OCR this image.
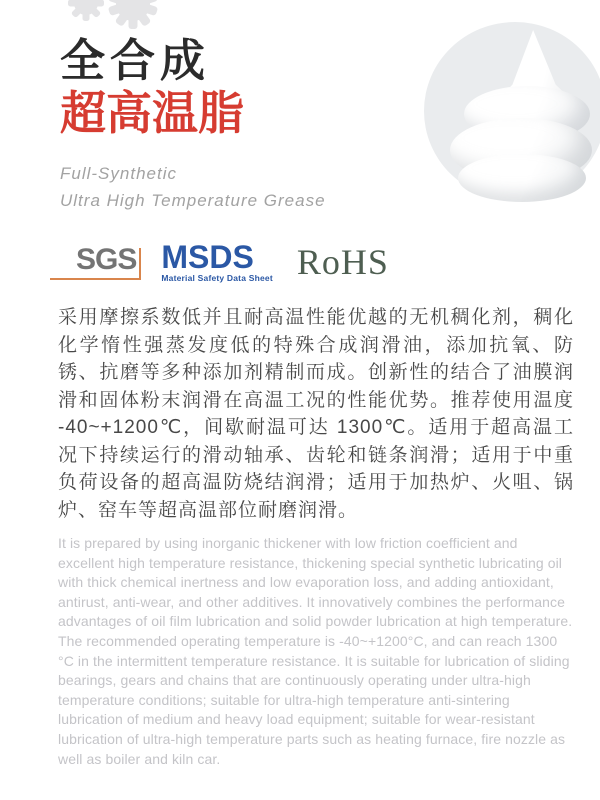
全合成
超高温脂
Full-Synthetic
Ultra High Temperature Grease
SGS MSDS
Material Safety Data Sheet RoHS

采用摩擦系数低并且耐高温性能优越的无机稠化剂，稠化化学惰性强蒸发度低的特殊合成润滑油，添加抗氧、防锈、抗磨等多种添加剂精制而成。创新性的结合了油膜润滑和固体粉末润滑在高温工况的性能优势。推荐使用温度 -40~+1200℃，间歇耐温可达 1300℃。适用于超高温工况下持续运行的滑动轴承、齿轮和链条润滑；适用于中重负荷设备的超高温防烧结润滑；适用于加热炉、火咀、锅炉、窑车等超高温部位耐磨润滑。

It is prepared by using inorganic thickener with low friction coefficient and excellent high temperature resistance, thickening special synthetic lubricating oil with thick chemical inertness and low evaporation loss, and adding antioxidant, antirust, anti-wear, and other additives. It innovatively combines the performance advantages of oil film lubrication and solid powder lubrication at high temperature. The recommended operating temperature is -40~+1200°C, and can reach 1300 °C in the intermittent temperature resistance. It is suitable for lubrication of sliding bearings, gears and chains that are continuously operating under ultra-high temperature conditions; suitable for ultra-high temperature anti-sintering lubrication of medium and heavy load equipment; suitable for wear-resistant lubrication of ultra-high temperature parts such as heating furnace, fire nozzle as well as boiler and kiln car.
